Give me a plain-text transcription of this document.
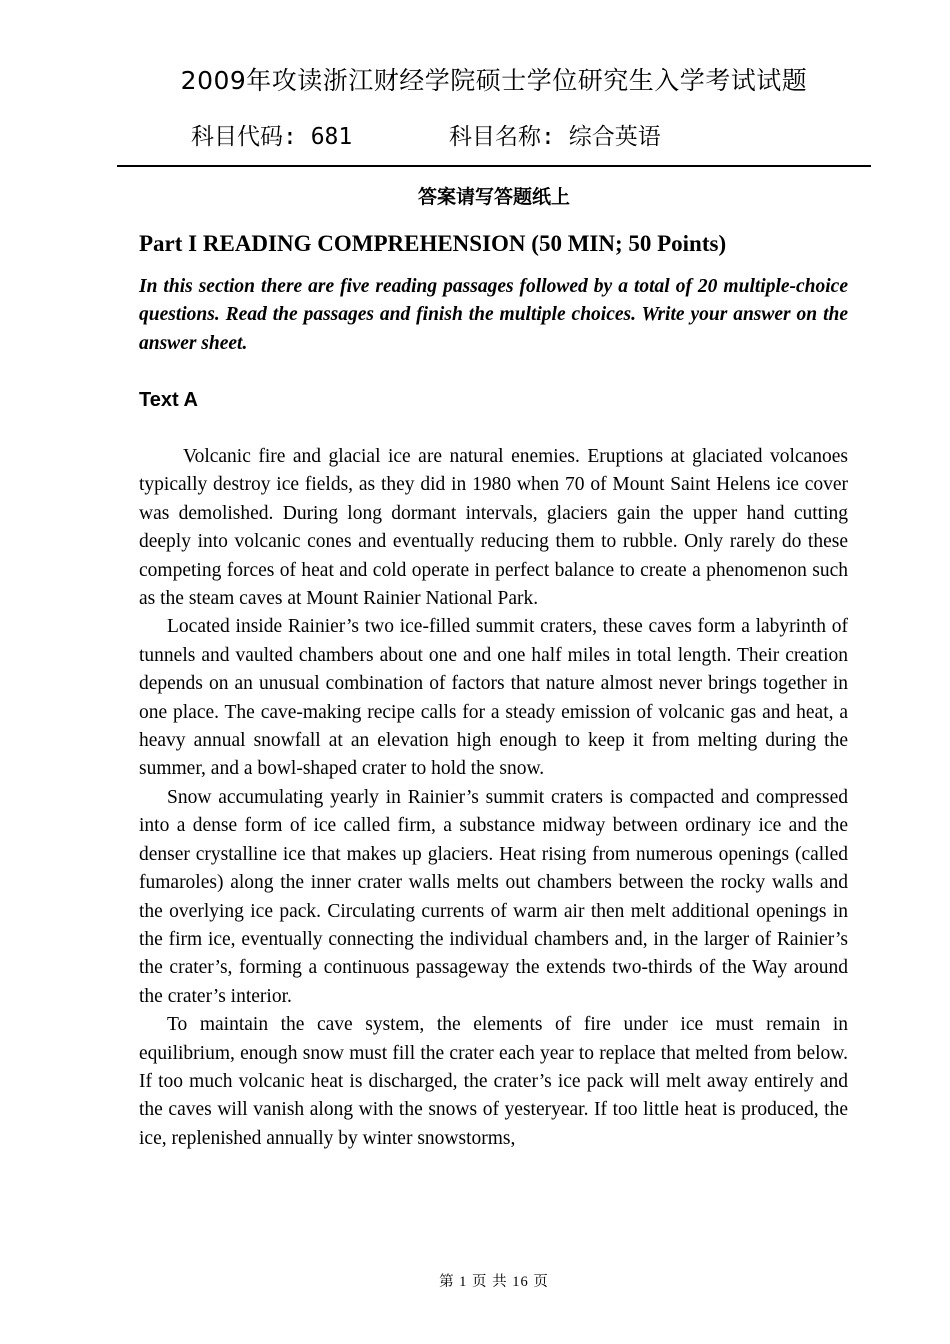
2009年攻读浙江财经学院硕士学位研究生入学考试试题
科目代码: 681	科目名称: 综合英语
答案请写答题纸上
Part I READING COMPREHENSION (50 MIN; 50 Points)
In this section there are five reading passages followed by a total of 20 multiple-choice questions. Read the passages and finish the multiple choices. Write your answer on the answer sheet.
Text A

Volcanic fire and glacial ice are natural enemies. Eruptions at glaciated volcanoes typically destroy ice fields, as they did in 1980 when 70 of Mount Saint Helens ice cover was demolished. During long dormant intervals, glaciers gain the upper hand cutting deeply into volcanic cones and eventually reducing them to rubble. Only rarely do these competing forces of heat and cold operate in perfect balance to create a phenomenon such as the steam caves at Mount Rainier National Park.

Located inside Rainier’s two ice-filled summit craters, these caves form a labyrinth of tunnels and vaulted chambers about one and one half miles in total length. Their creation depends on an unusual combination of factors that nature almost never brings together in one place. The cave-making recipe calls for a steady emission of volcanic gas and heat, a heavy annual snowfall at an elevation high enough to keep it from melting during the summer, and a bowl-shaped crater to hold the snow.

Snow accumulating yearly in Rainier’s summit craters is compacted and compressed into a dense form of ice called firm, a substance midway between ordinary ice and the denser crystalline ice that makes up glaciers. Heat rising from numerous openings (called fumaroles) along the inner crater walls melts out chambers between the rocky walls and the overlying ice pack. Circulating currents of warm air then melt additional openings in the firm ice, eventually connecting the individual chambers and, in the larger of Rainier’s the crater’s, forming a continuous passageway the extends two-thirds of the Way around the crater’s interior.

To maintain the cave system, the elements of fire under ice must remain in equilibrium, enough snow must fill the crater each year to replace that melted from below. If too much volcanic heat is discharged, the crater’s ice pack will melt away entirely and the caves will vanish along with the snows of yesteryear. If too little heat is produced, the ice, replenished annually by winter snowstorms,

第 1 页 共 16 页
